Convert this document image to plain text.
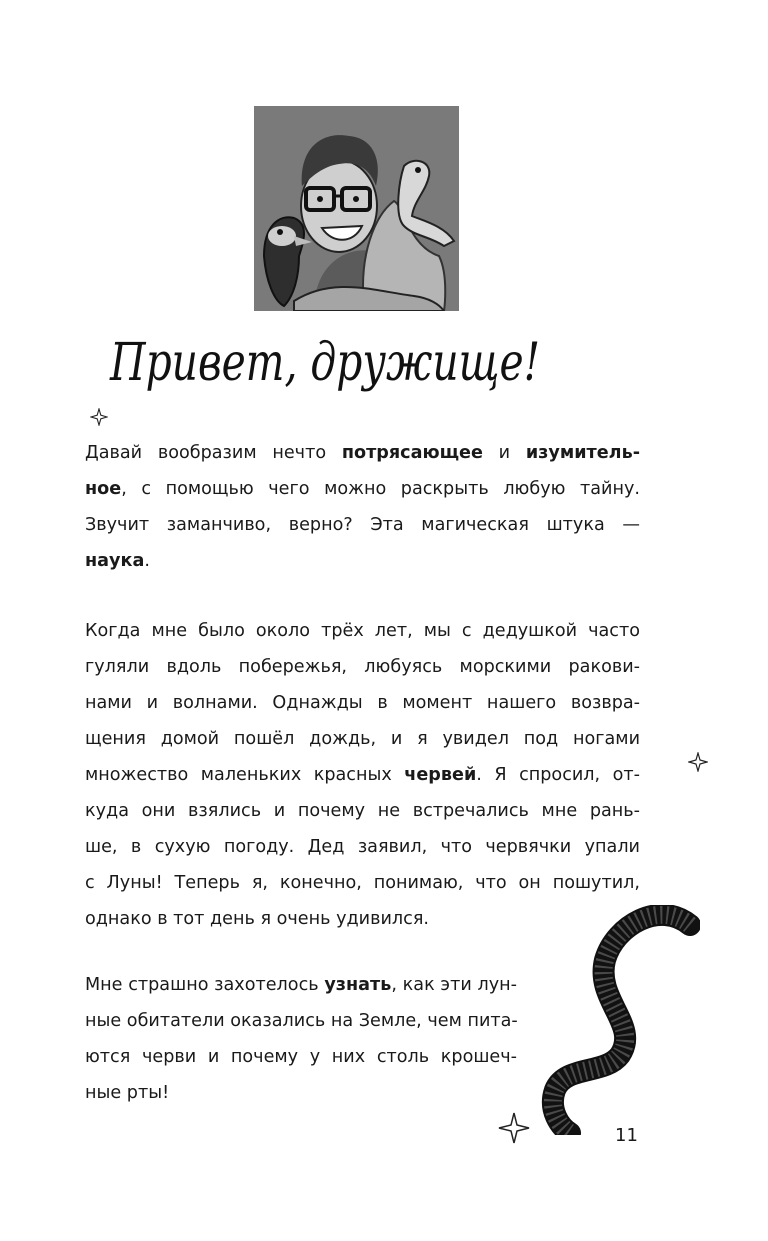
Привет, дружище!
Давай вообразим нечто потрясающее и изумитель-
ное, с помощью чего можно раскрыть любую тайну.
Звучит заманчиво, верно? Эта магическая штука —
наука.
Когда мне было около трёх лет, мы с дедушкой часто
гуляли вдоль побережья, любуясь морскими ракови-
нами и волнами. Однажды в момент нашего возвра-
щения домой пошёл дождь, и я увидел под ногами
множество маленьких красных червей. Я спросил, от-
куда они взялись и почему не встречались мне рань-
ше, в сухую погоду. Дед заявил, что червячки упали
с Луны! Теперь я, конечно, понимаю, что он пошутил,
однако в тот день я очень удивился.
Мне страшно захотелось узнать, как эти лун-
ные обитатели оказались на Земле, чем пита-
ются черви и почему у них столь крошеч-
ные рты!
11
